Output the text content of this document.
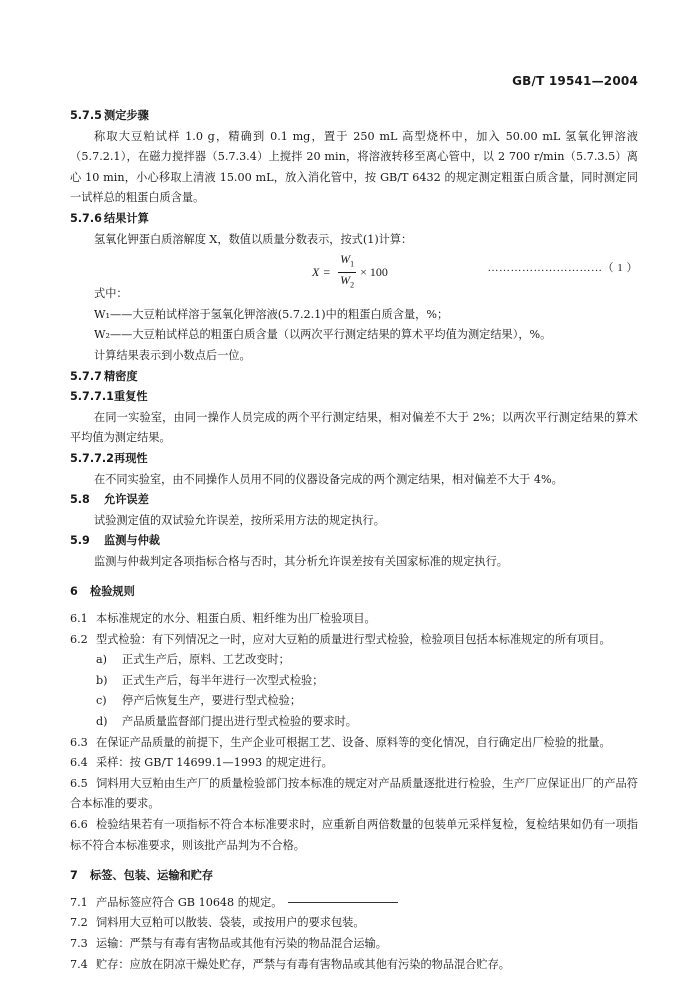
GB/T 19541—2004
5.7.5 测定步骤
称取大豆粕试样 1.0 g，精确到 0.1 mg，置于 250 mL 高型烧杯中，加入 50.00 mL 氢氧化钾溶液（5.7.2.1），在磁力搅拌器（5.7.3.4）上搅拌 20 min，将溶液转移至离心管中，以 2 700 r/min（5.7.3.5）离心 10 min，小心移取上清液 15.00 mL，放入消化管中，按 GB/T 6432 的规定测定粗蛋白质含量，同时测定同一试样总的粗蛋白质含量。
5.7.6 结果计算
氢氧化钾蛋白质溶解度 X，数值以质量分数表示，按式(1)计算：
$X = \frac{W_1}{W_2} \times 100$	…………………………（ 1 ）
式中：
W₁——大豆粕试样溶于氢氧化钾溶液(5.7.2.1)中的粗蛋白质含量，%；
W₂——大豆粕试样总的粗蛋白质含量（以两次平行测定结果的算术平均值为测定结果），%。
计算结果表示到小数点后一位。
5.7.7 精密度
5.7.7.1重复性
在同一实验室，由同一操作人员完成的两个平行测定结果，相对偏差不大于 2%；以两次平行测定结果的算术平均值为测定结果。
5.7.7.2再现性
在不同实验室，由不同操作人员用不同的仪器设备完成的两个测定结果，相对偏差不大于 4%。
5.8 允许误差
试验测定值的双试验允许误差，按所采用方法的规定执行。
5.9 监测与仲裁
监测与仲裁判定各项指标合格与否时，其分析允许误差按有关国家标准的规定执行。
6 检验规则
6.1 本标准规定的水分、粗蛋白质、粗纤维为出厂检验项目。
6.2 型式检验：有下列情况之一时，应对大豆粕的质量进行型式检验，检验项目包括本标准规定的所有项目。
a) 正式生产后，原料、工艺改变时；
b) 正式生产后，每半年进行一次型式检验；
c) 停产后恢复生产，要进行型式检验；
d) 产品质量监督部门提出进行型式检验的要求时。
6.3 在保证产品质量的前提下，生产企业可根据工艺、设备、原料等的变化情况，自行确定出厂检验的批量。
6.4 采样：按 GB/T 14699.1—1993 的规定进行。
6.5 饲料用大豆粕由生产厂的质量检验部门按本标准的规定对产品质量逐批进行检验，生产厂应保证出厂的产品符合本标准的要求。
6.6 检验结果若有一项指标不符合本标准要求时，应重新自两倍数量的包装单元采样复检，复检结果如仍有一项指标不符合本标准要求，则该批产品判为不合格。
7 标签、包装、运输和贮存
7.1 产品标签应符合 GB 10648 的规定。
7.2 饲料用大豆粕可以散装、袋装，或按用户的要求包装。
7.3 运输：严禁与有毒有害物品或其他有污染的物品混合运输。
7.4 贮存：应放在阴凉干燥处贮存，严禁与有毒有害物品或其他有污染的物品混合贮存。
